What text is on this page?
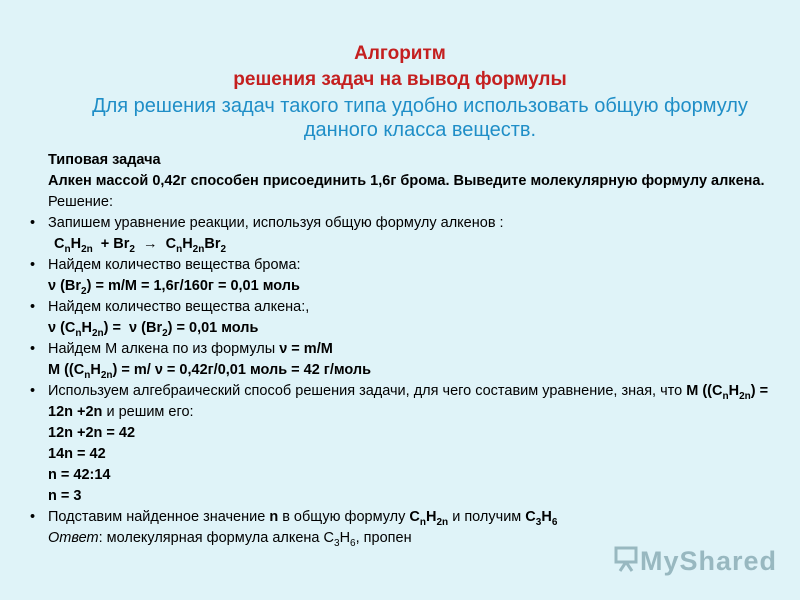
Алгоритм
решения задач на вывод формулы
Для решения задач такого типа удобно использовать общую формулу данного класса веществ.
Типовая задача
Алкен массой 0,42г способен присоединить 1,6г брома. Выведите молекулярную формулу алкена.
Решение:
• Запишем уравнение реакции, используя общую формулу алкенов :
$C_nH_{2n} + Br_2 \to C_nH_{2n}Br_2$
• Найдем количество вещества брома:
ν $(Br_2) = m/M = 1,6г/160г = 0,01$ моль
• Найдем количество вещества алкена:,
ν $(C_nH_{2n}) = \nu$ $(Br_2) = 0,01$ моль
• Найдем М алкена по из формулы ν = m/M
M ($(C_nH_{2n}) = m/$ ν = 0,42г/0,01 моль = 42 г/моль
• Используем алгебраический способ решения задачи, для чего составим уравнение, зная, что M ($(C_nH_{2n}) = 12n +2n$ и решим его:
12n +2n = 42
14n = 42
n = 42:14
n = 3
• Подставим найденное значение n в общую формулу $C_nH_{2n}$ и получим $C_3H_6$
Ответ: молекулярная формула алкена $C_3H_6$, пропен
MyShared
